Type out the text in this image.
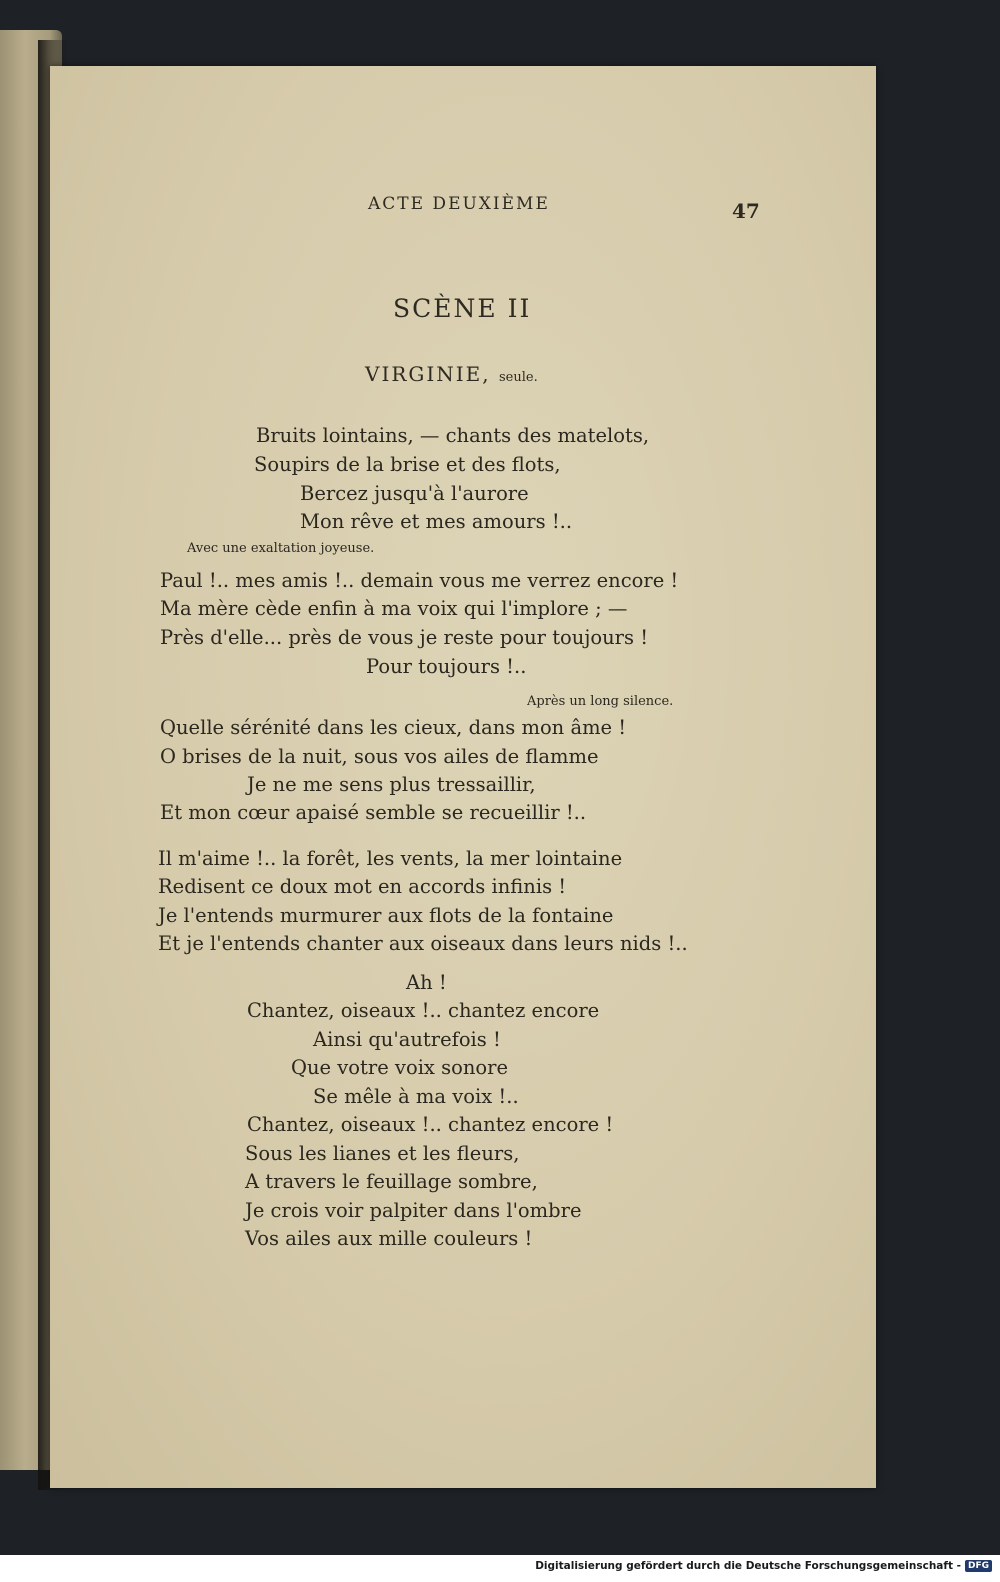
ACTE DEUXIÈME	47
SCÈNE II
VIRGINIE, seule.
Bruits lointains, — chants des matelots,
Soupirs de la brise et des flots,
Bercez jusqu'à l'aurore
Mon rêve et mes amours !..
Avec une exaltation joyeuse.
Paul !.. mes amis !.. demain vous me verrez encore !
Ma mère cède enfin à ma voix qui l'implore ; —
Près d'elle... près de vous je reste pour toujours !
Pour toujours !..
Après un long silence.
Quelle sérénité dans les cieux, dans mon âme !
O brises de la nuit, sous vos ailes de flamme
Je ne me sens plus tressaillir,
Et mon cœur apaisé semble se recueillir !..
Il m'aime !.. la forêt, les vents, la mer lointaine
Redisent ce doux mot en accords infinis !
Je l'entends murmurer aux flots de la fontaine
Et je l'entends chanter aux oiseaux dans leurs nids !..
Ah !
Chantez, oiseaux !.. chantez encore
Ainsi qu'autrefois !
Que votre voix sonore
Se mêle à ma voix !..
Chantez, oiseaux !.. chantez encore !
Sous les lianes et les fleurs,
A travers le feuillage sombre,
Je crois voir palpiter dans l'ombre
Vos ailes aux mille couleurs !
Digitalisierung gefördert durch die Deutsche Forschungsgemeinschaft - DFG
